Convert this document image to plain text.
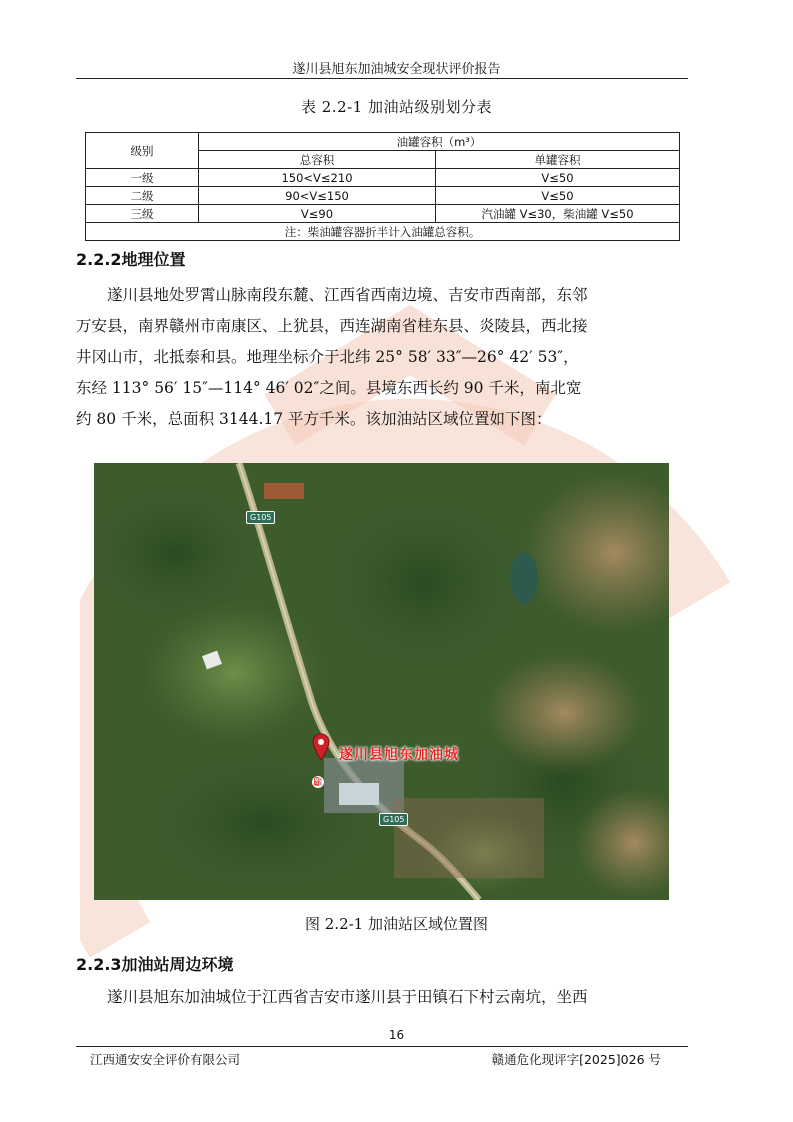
遂川县旭东加油城安全现状评价报告
表 2.2-1 加油站级别划分表
级别	油罐容积（m³）	
	总容积	单罐容积
一级	150<V≤210	V≤50
二级	90<V≤150	V≤50
三级	V≤90	汽油罐 V≤30，柴油罐 V≤50
注：柴油罐容器折半计入油罐总容积。		
2.2.2地理位置
遂川县地处罗霄山脉南段东麓、江西省西南边境、吉安市西南部，东邻
万安县，南界赣州市南康区、上犹县，西连湖南省桂东县、炎陵县，西北接
井冈山市，北抵泰和县。地理坐标介于北纬 25° 58′ 33″—26° 42′ 53″，
东经 113° 56′ 15″—114° 46′ 02″之间。县境东西长约 90 千米，南北宽
约 80 千米，总面积 3144.17 平方千米。该加油站区域位置如下图：
G105
G105
遂川县旭东加油城
⛽
图 2.2-1 加油站区域位置图
2.2.3加油站周边环境
遂川县旭东加油城位于江西省吉安市遂川县于田镇石下村云南坑，坐西
16
江西通安安全评价有限公司	赣通危化现评字[2025]026 号
